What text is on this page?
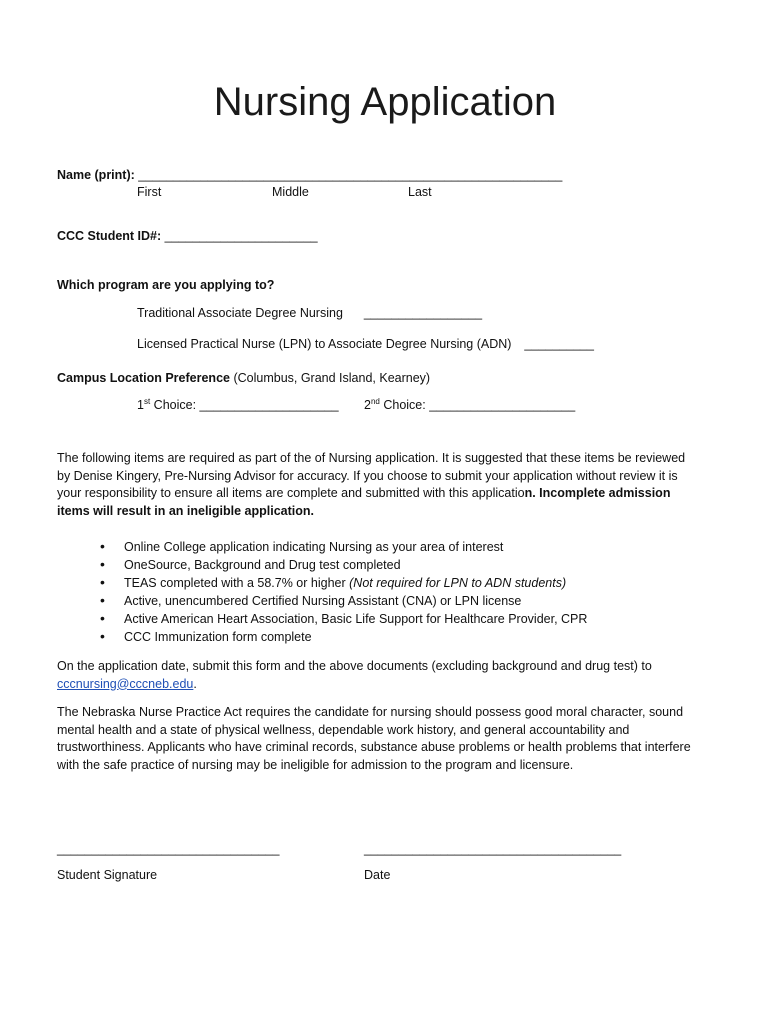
Nursing Application
Name (print): _____________________________________________________________
First	Middle	Last
CCC Student ID#: ______________________
Which program are you applying to?
Traditional Associate Degree Nursing _________________
Licensed Practical Nurse (LPN) to Associate Degree Nursing (ADN) __________
Campus Location Preference (Columbus, Grand Island, Kearney)
1st Choice: ____________________ 2nd Choice: _____________________
The following items are required as part of the of Nursing application. It is suggested that these items be reviewed
by Denise Kingery, Pre-Nursing Advisor for accuracy. If you choose to submit your application without review it is
your responsibility to ensure all items are complete and submitted with this application. Incomplete admission
items will result in an ineligible application.
• Online College application indicating Nursing as your area of interest
• OneSource, Background and Drug test completed
• TEAS completed with a 58.7% or higher (Not required for LPN to ADN students)
• Active, unencumbered Certified Nursing Assistant (CNA) or LPN license
• Active American Heart Association, Basic Life Support for Healthcare Provider, CPR
• CCC Immunization form complete
On the application date, submit this form and the above documents (excluding background and drug test) to
cccnursing@cccneb.edu.
The Nebraska Nurse Practice Act requires the candidate for nursing should possess good moral character, sound
mental health and a state of physical wellness, dependable work history, and general accountability and
trustworthiness. Applicants who have criminal records, substance abuse problems or health problems that interfere
with the safe practice of nursing may be ineligible for admission to the program and licensure.
________________________________	_____________________________________
Student Signature	Date
